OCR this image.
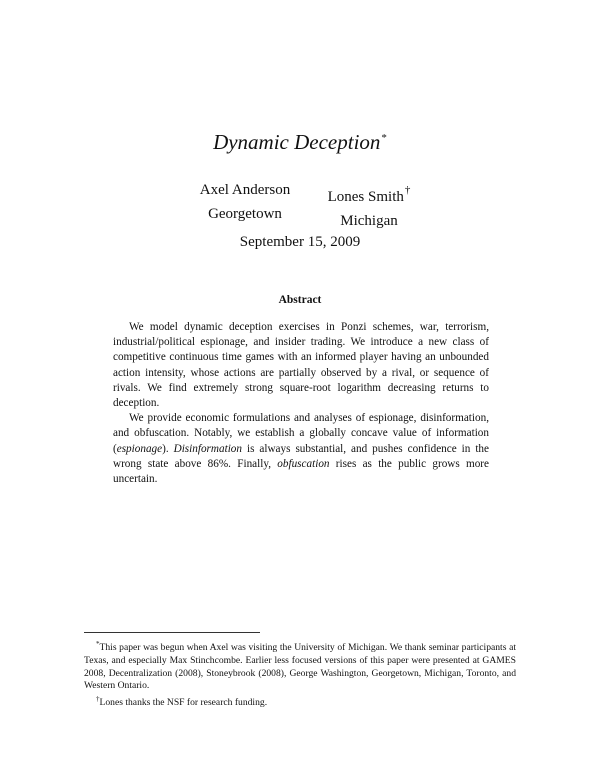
Dynamic Deception*
Axel Anderson
Georgetown
Lones Smith†
Michigan
September 15, 2009
Abstract

We model dynamic deception exercises in Ponzi schemes, war, terrorism, industrial/political espionage, and insider trading. We introduce a new class of competitive continuous time games with an informed player having an unbounded action intensity, whose actions are partially observed by a rival, or sequence of rivals. We find extremely strong square-root logarithm decreasing returns to deception.

We provide economic formulations and analyses of espionage, disinformation, and obfuscation. Notably, we establish a globally concave value of information (espionage). Disinformation is always substantial, and pushes confidence in the wrong state above 86%. Finally, obfuscation rises as the public grows more uncertain.

*This paper was begun when Axel was visiting the University of Michigan. We thank seminar participants at Texas, and especially Max Stinchcombe. Earlier less focused versions of this paper were presented at GAMES 2008, Decentralization (2008), Stoneybrook (2008), George Washington, Georgetown, Michigan, Toronto, and Western Ontario.

†Lones thanks the NSF for research funding.
